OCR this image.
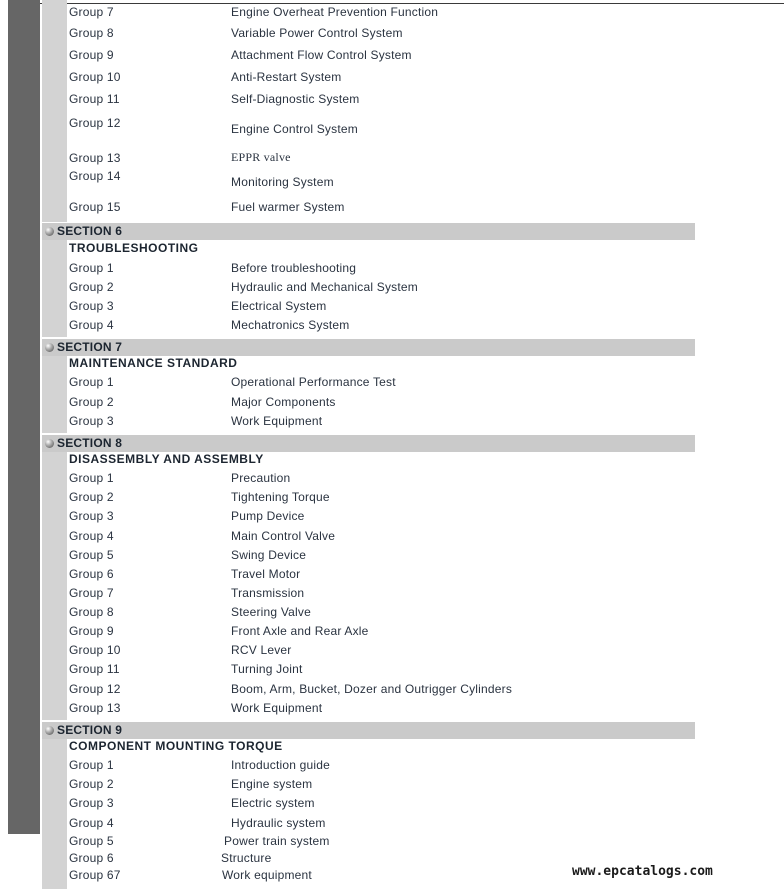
Group 7	Engine Overheat Prevention Function
Group 8	Variable Power Control System
Group 9	Attachment Flow Control System
Group 10	Anti-Restart System
Group 11	Self-Diagnostic System
Group 12	Engine Control System
Group 13	EPPR valve
Group 14	Monitoring System
Group 15	Fuel warmer System
SECTION 6
TROUBLESHOOTING
Group 1	Before troubleshooting
Group 2	Hydraulic and Mechanical System
Group 3	Electrical System
Group 4	Mechatronics System
SECTION 7
MAINTENANCE STANDARD
Group 1	Operational Performance Test
Group 2	Major Components
Group 3	Work Equipment
SECTION 8
DISASSEMBLY AND ASSEMBLY
Group 1	Precaution
Group 2	Tightening Torque
Group 3	Pump Device
Group 4	Main Control Valve
Group 5	Swing Device
Group 6	Travel Motor
Group 7	Transmission
Group 8	Steering Valve
Group 9	Front Axle and Rear Axle
Group 10	RCV Lever
Group 11	Turning Joint
Group 12	Boom, Arm, Bucket, Dozer and Outrigger Cylinders
Group 13	Work Equipment
SECTION 9
COMPONENT MOUNTING TORQUE
Group 1	Introduction guide
Group 2	Engine system
Group 3	Electric system
Group 4	Hydraulic system
Group 5	Power train system
Group 6	Structure
Group 67	Work equipment	www.epcatalogs.com
